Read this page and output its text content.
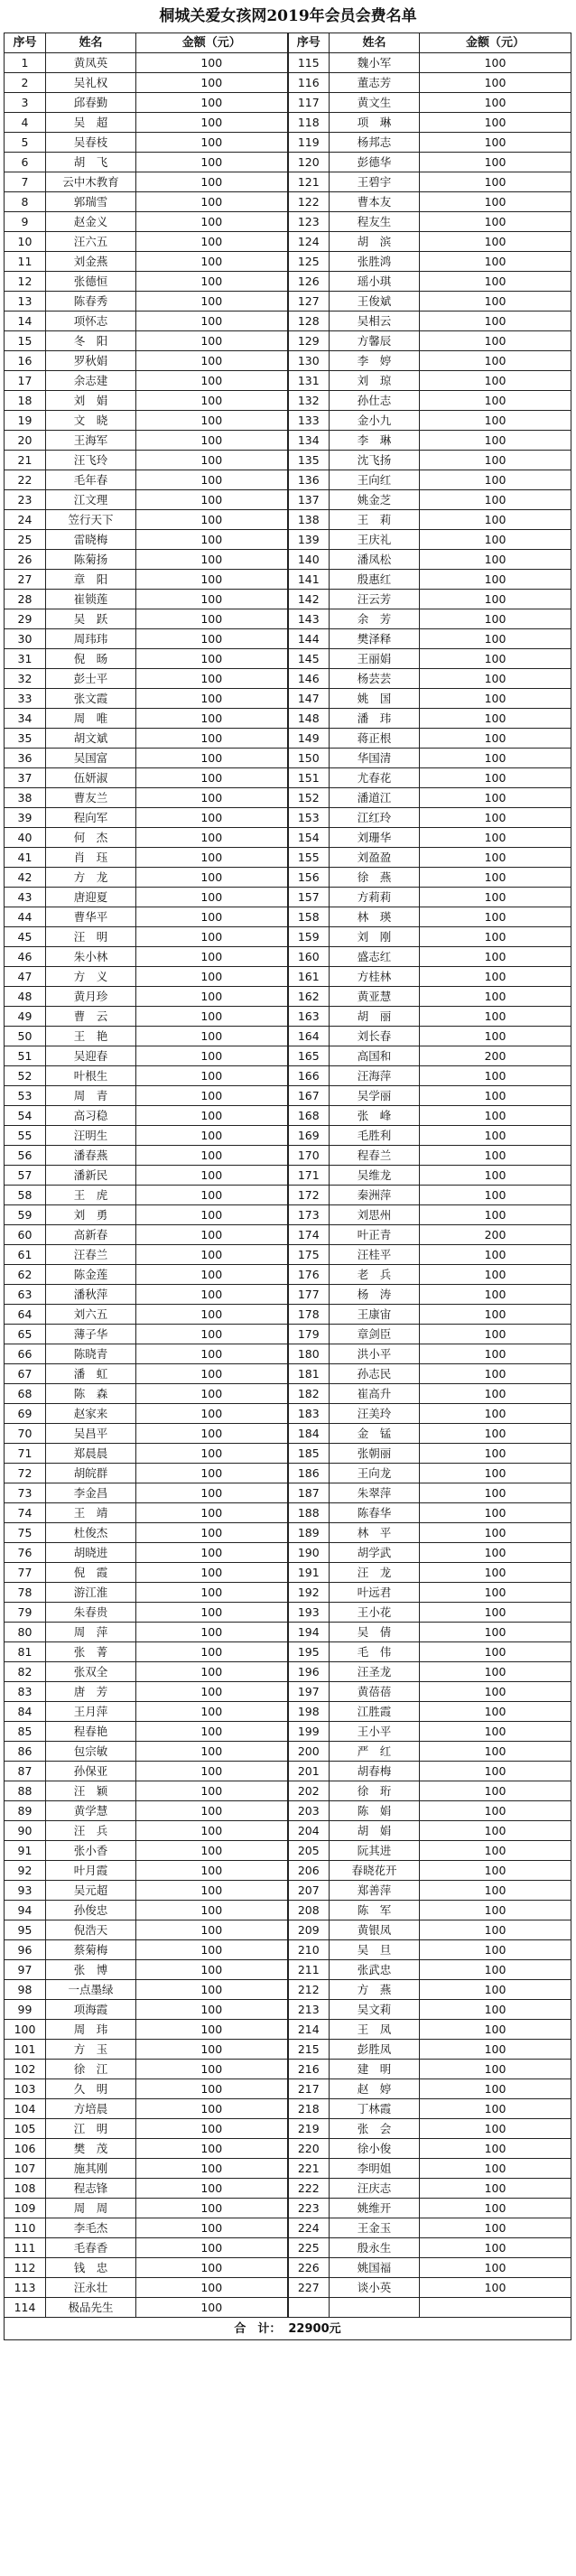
桐城关爱女孩网2019年会员会费名单
序号	姓名	金额（元）	序号	姓名	金额（元）
1	黄凤英	100	115	魏小军	100
2	吴礼权	100	116	董志芳	100
3	邱春勤	100	117	黄文生	100
4	吴　超	100	118	项　琳	100
5	吴春枝	100	119	杨邦志	100
6	胡　飞	100	120	彭德华	100
7	云中木教育	100	121	王碧宇	100
8	郭瑞雪	100	122	曹本友	100
9	赵金义	100	123	程友生	100
10	汪六五	100	124	胡　滨	100
11	刘金燕	100	125	张胜鸿	100
12	张德恒	100	126	瑶小琪	100
13	陈春秀	100	127	王俊斌	100
14	项怀志	100	128	吴相云	100
15	冬　阳	100	129	方馨辰	100
16	罗秋娟	100	130	李　婷	100
17	余志建	100	131	刘　琼	100
18	刘　娟	100	132	孙仕志	100
19	文　晓	100	133	金小九	100
20	王海军	100	134	李　琳	100
21	汪飞玲	100	135	沈飞扬	100
22	毛年春	100	136	王向红	100
23	江文理	100	137	姚金芝	100
24	笠行天下	100	138	王　莉	100
25	雷晓梅	100	139	王庆礼	100
26	陈菊扬	100	140	潘凤松	100
27	章　阳	100	141	殷惠红	100
28	崔锁莲	100	142	汪云芳	100
29	吴　跃	100	143	余　芳	100
30	周玮玮	100	144	樊泽释	100
31	倪　旸	100	145	王丽娟	100
32	彭士平	100	146	杨芸芸	100
33	张文霞	100	147	姚　国	100
34	周　唯	100	148	潘　玮	100
35	胡文斌	100	149	蒋正根	100
36	吴国富	100	150	华国清	100
37	伍妍淑	100	151	尤春花	100
38	曹友兰	100	152	潘道江	100
39	程向军	100	153	江红玲	100
40	何　杰	100	154	刘珊华	100
41	肖　珏	100	155	刘盈盈	100
42	方　龙	100	156	徐　燕	100
43	唐迎夏	100	157	方莉莉	100
44	曹华平	100	158	林　瑛	100
45	汪　明	100	159	刘　刚	100
46	朱小林	100	160	盛志红	100
47	方　义	100	161	方桂林	100
48	黄月珍	100	162	黄亚慧	100
49	曹　云	100	163	胡　丽	100
50	王　艳	100	164	刘长春	100
51	吴迎春	100	165	高国和	200
52	叶根生	100	166	汪海萍	100
53	周　青	100	167	吴学丽	100
54	高习稳	100	168	张　峰	100
55	汪明生	100	169	毛胜利	100
56	潘春燕	100	170	程春兰	100
57	潘新民	100	171	吴维龙	100
58	王　虎	100	172	秦洲萍	100
59	刘　勇	100	173	刘思州	100
60	高新春	100	174	叶正青	200
61	汪春兰	100	175	汪桂平	100
62	陈金莲	100	176	老　兵	100
63	潘秋萍	100	177	杨　涛	100
64	刘六五	100	178	王康宙	100
65	薄子华	100	179	章剑臣	100
66	陈晓青	100	180	洪小平	100
67	潘　虹	100	181	孙志民	100
68	陈　森	100	182	崔高升	100
69	赵家来	100	183	汪美玲	100
70	吴昌平	100	184	金　锰	100
71	郑晨晨	100	185	张朝丽	100
72	胡皖群	100	186	王向龙	100
73	李金昌	100	187	朱翠萍	100
74	王　靖	100	188	陈春华	100
75	杜俊杰	100	189	林　平	100
76	胡晓进	100	190	胡学武	100
77	倪　霞	100	191	汪　龙	100
78	游江淮	100	192	叶远君	100
79	朱春贵	100	193	王小花	100
80	周　萍	100	194	吴　倩	100
81	张　菁	100	195	毛　伟	100
82	张双全	100	196	汪圣龙	100
83	唐　芳	100	197	黄蓓蓓	100
84	王月萍	100	198	江胜霞	100
85	程春艳	100	199	王小平	100
86	包宗敏	100	200	严　红	100
87	孙保亚	100	201	胡春梅	100
88	汪　颖	100	202	徐　珩	100
89	黄学慧	100	203	陈　娟	100
90	汪　兵	100	204	胡　娟	100
91	张小香	100	205	阮其进	100
92	叶月霞	100	206	春晓花开	100
93	吴元超	100	207	郑善萍	100
94	孙俊忠	100	208	陈　军	100
95	倪浩天	100	209	黄银凤	100
96	蔡菊梅	100	210	吴　旦	100
97	张　博	100	211	张武忠	100
98	一点墨绿	100	212	方　燕	100
99	项海霞	100	213	吴文莉	100
100	周　玮	100	214	王　凤	100
101	方　玉	100	215	彭胜凤	100
102	徐　江	100	216	建　明	100
103	久　明	100	217	赵　婷	100
104	方培晨	100	218	丁林霞	100
105	江　明	100	219	张　会	100
106	樊　茂	100	220	徐小俊	100
107	施其刚	100	221	李明姐	100
108	程志锋	100	222	汪庆志	100
109	周　周	100	223	姚维开	100
110	李毛杰	100	224	王金玉	100
111	毛春香	100	225	殷永生	100
112	钱　忠	100	226	姚国福	100
113	汪永壮	100	227	谈小英	100
114	极品先生	100			
合　计： 22900元					
